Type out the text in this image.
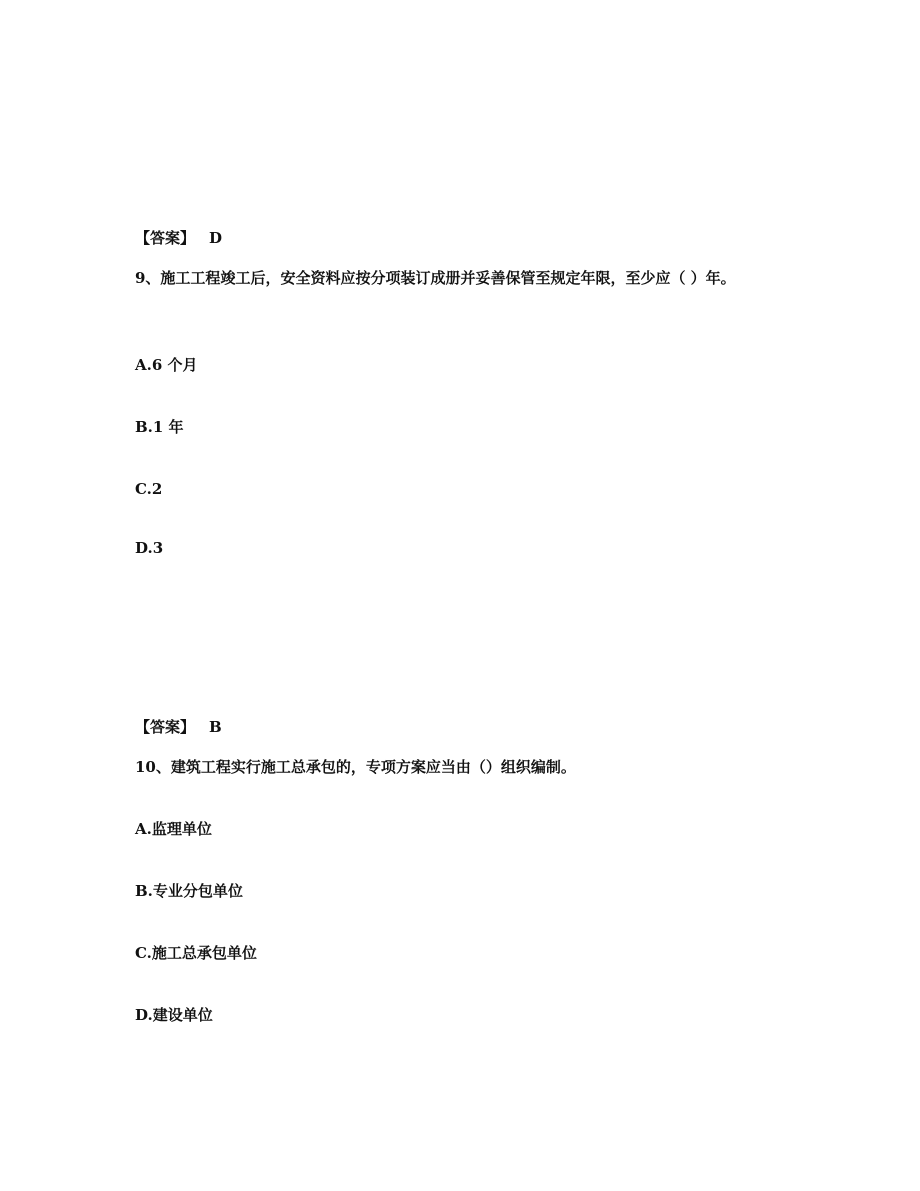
【答案】 D
9、施工工程竣工后，安全资料应按分项装订成册并妥善保管至规定年限，至少应（ ）年。
A.6 个月
B.1 年
C.2
D.3
【答案】 B
10、建筑工程实行施工总承包的，专项方案应当由（）组织编制。
A.监理单位
B.专业分包单位
C.施工总承包单位
D.建设单位
